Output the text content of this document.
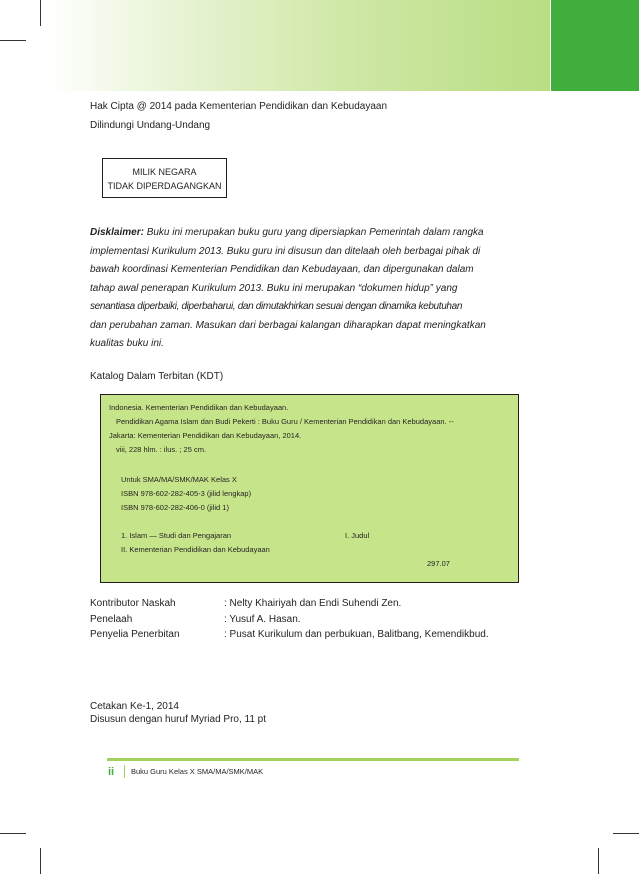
Hak Cipta @ 2014 pada Kementerian Pendidikan dan Kebudayaan
Dilindungi Undang-Undang
MILIK NEGARA
TIDAK DIPERDAGANGKAN
Disklaimer: Buku ini merupakan buku guru yang dipersiapkan Pemerintah dalam rangka
implementasi Kurikulum 2013. Buku guru ini disusun dan ditelaah oleh berbagai pihak di
bawah koordinasi Kementerian Pendidikan dan Kebudayaan, dan dipergunakan dalam
tahap awal penerapan Kurikulum 2013. Buku ini merupakan “dokumen hidup” yang
senantiasa diperbaiki, diperbaharui, dan dimutakhirkan sesuai dengan dinamika kebutuhan
dan perubahan zaman. Masukan dari berbagai kalangan diharapkan dapat meningkatkan
kualitas buku ini.
Katalog Dalam Terbitan (KDT)
Indonesia. Kementerian Pendidikan dan Kebudayaan.
Pendidikan Agama Islam dan Budi Pekerti : Buku Guru / Kementerian Pendidikan dan Kebudayaan. --
Jakarta: Kementerian Pendidikan dan Kebudayaan, 2014.
viii, 228 hlm. : ilus. ; 25 cm.
Untuk SMA/MA/SMK/MAK Kelas X
ISBN 978-602-282-405-3 (jilid lengkap)
ISBN 978-602-282-406-0 (jilid 1)
1. Islam — Studi dan Pengajaran	I. Judul
II. Kementerian Pendidikan dan Kebudayaan
297.07
Kontributor Naskah	: Nelty Khairiyah dan Endi Suhendi Zen.
Penelaah	: Yusuf A. Hasan.
Penyelia Penerbitan	: Pusat Kurikulum dan perbukuan, Balitbang, Kemendikbud.
Cetakan Ke-1, 2014
Disusun dengan huruf Myriad Pro, 11 pt
ii Buku Guru Kelas X SMA/MA/SMK/MAK
